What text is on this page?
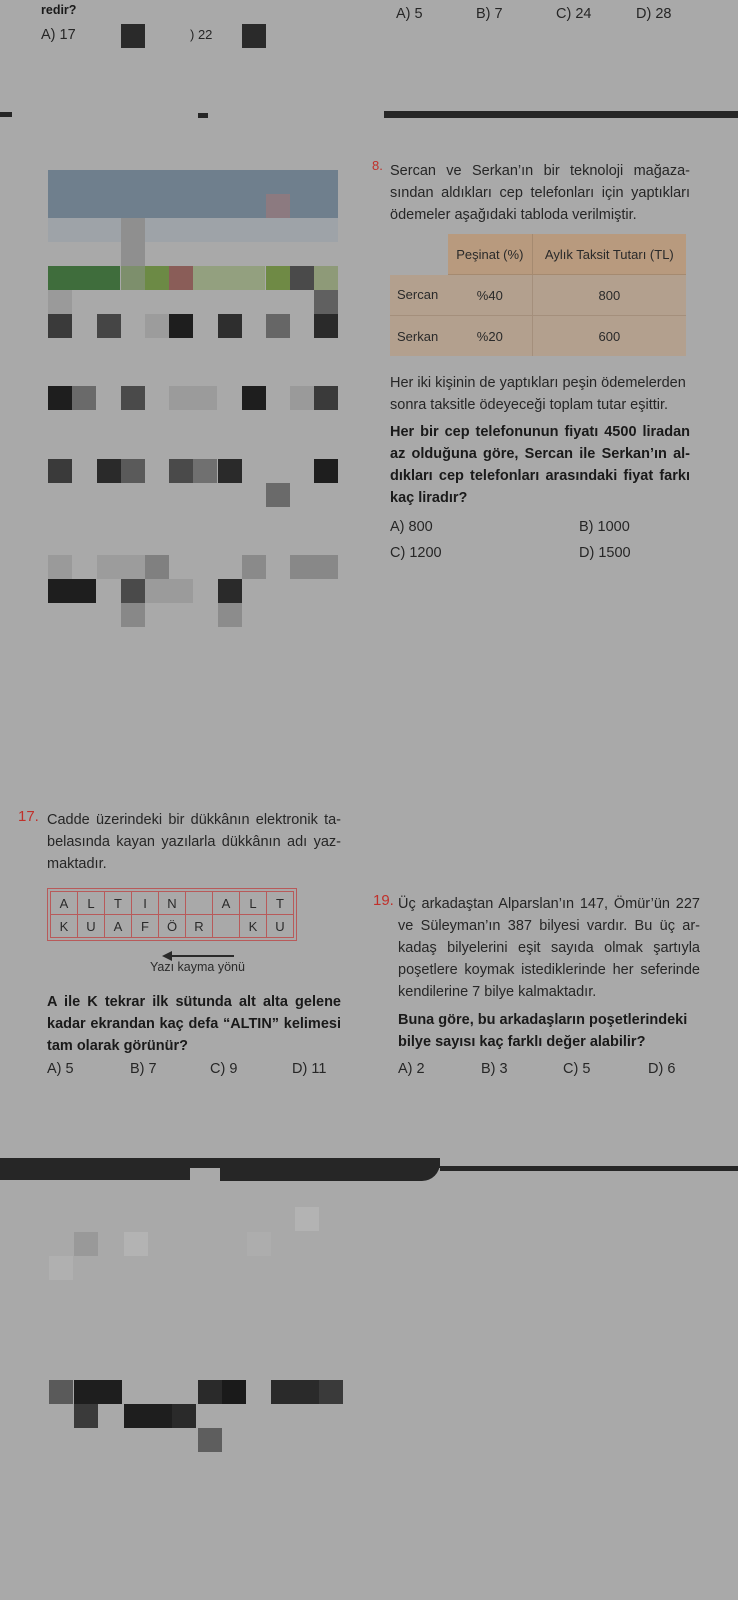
redir?
A) 17	) 22
A) 5	B) 7	C) 24	D) 28
8. Sercan ve Serkan’ın bir teknoloji mağaza-sından aldıkları cep telefonları için yaptıkları ödemeler aşağıdaki tabloda verilmiştir.
	Peşinat (%)	Aylık Taksit Tutarı (TL)
Sercan	%40	800
Serkan	%20	600
Her iki kişinin de yaptıkları peşin ödemelerden sonra taksitle ödeyeceği toplam tutar eşittir.
Her bir cep telefonunun fiyatı 4500 liradan az olduğuna göre, Sercan ile Serkan’ın al-dıkları cep telefonları arasındaki fiyat farkı kaç liradır?
A) 800	B) 1000
C) 1200	D) 1500
17. Cadde üzerindeki bir dükkânın elektronik ta-belasında kayan yazılarla dükkânın adı yaz-maktadır.
A	L	T	I	N		A	L	T
K	U	A	F	Ö	R		K	U
Yazı kayma yönü
A ile K tekrar ilk sütunda alt alta gelene kadar ekrandan kaç defa “ALTIN” kelimesi tam olarak görünür?
A) 5	B) 7	C) 9	D) 11
19. Üç arkadaştan Alparslan’ın 147, Ömür’ün 227 ve Süleyman’ın 387 bilyesi vardır. Bu üç ar-kadaş bilyelerini eşit sayıda olmak şartıyla poşetlere koymak istediklerinde her seferinde kendilerine 7 bilye kalmaktadır.
Buna göre, bu arkadaşların poşetlerindeki bilye sayısı kaç farklı değer alabilir?
A) 2	B) 3	C) 5	D) 6
